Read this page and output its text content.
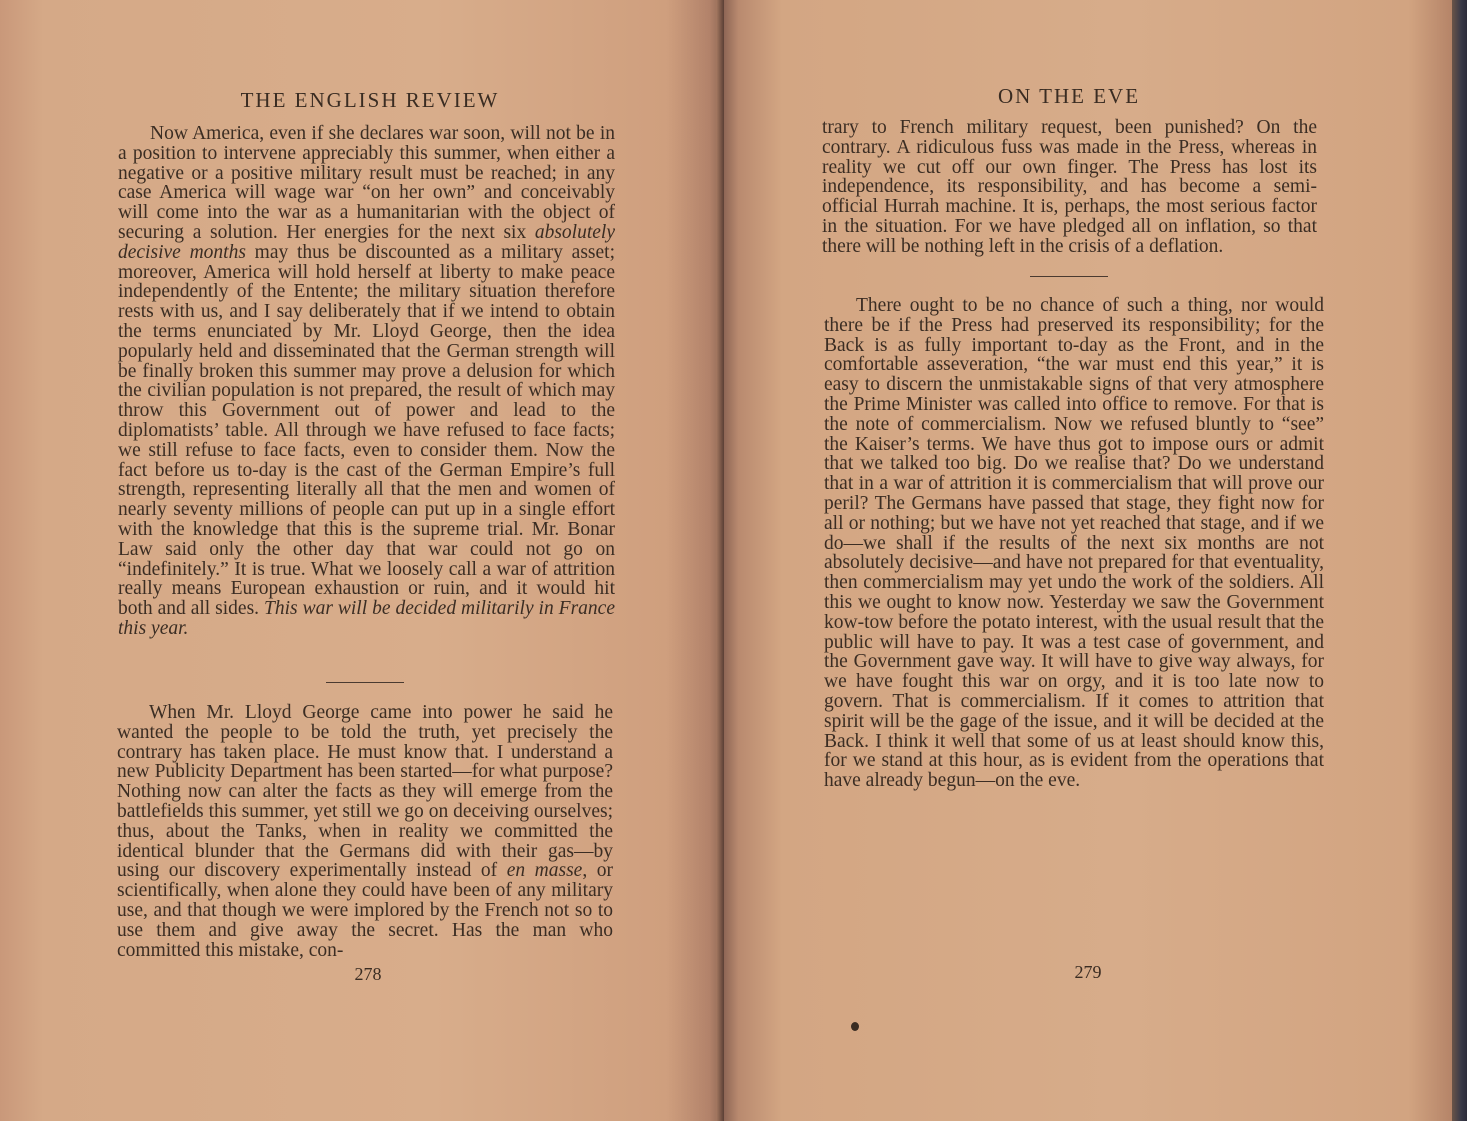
THE ENGLISH REVIEW

Now America, even if she declares war soon, will not be in a position to intervene appreciably this summer, when either a negative or a positive military result must be reached; in any case America will wage war “on her own” and conceivably will come into the war as a humanitarian with the object of securing a solution. Her energies for the next six absolutely decisive months may thus be discounted as a military asset; moreover, America will hold herself at liberty to make peace independently of the Entente; the military situation therefore rests with us, and I say deliberately that if we intend to obtain the terms enunciated by Mr. Lloyd George, then the idea popularly held and disseminated that the German strength will be finally broken this summer may prove a delusion for which the civilian population is not prepared, the result of which may throw this Government out of power and lead to the diplomatists’ table. All through we have refused to face facts; we still refuse to face facts, even to consider them. Now the fact before us to-day is the cast of the German Empire’s full strength, representing literally all that the men and women of nearly seventy millions of people can put up in a single effort with the knowledge that this is the supreme trial. Mr. Bonar Law said only the other day that war could not go on “indefinitely.” It is true. What we loosely call a war of attrition really means European exhaustion or ruin, and it would hit both and all sides. This war will be decided militarily in France this year.

When Mr. Lloyd George came into power he said he wanted the people to be told the truth, yet precisely the contrary has taken place. He must know that. I understand a new Publicity Department has been started—for what purpose? Nothing now can alter the facts as they will emerge from the battlefields this summer, yet still we go on deceiving ourselves; thus, about the Tanks, when in reality we committed the identical blunder that the Germans did with their gas—by using our discovery experimentally instead of en masse, or scientifically, when alone they could have been of any military use, and that though we were implored by the French not so to use them and give away the secret. Has the man who committed this mistake, con-

278
ON THE EVE

trary to French military request, been punished? On the contrary. A ridiculous fuss was made in the Press, whereas in reality we cut off our own finger. The Press has lost its independence, its responsibility, and has become a semi-official Hurrah machine. It is, perhaps, the most serious factor in the situation. For we have pledged all on inflation, so that there will be nothing left in the crisis of a deflation.

There ought to be no chance of such a thing, nor would there be if the Press had preserved its responsibility; for the Back is as fully important to-day as the Front, and in the comfortable asseveration, “the war must end this year,” it is easy to discern the unmistakable signs of that very atmosphere the Prime Minister was called into office to remove. For that is the note of commercialism. Now we refused bluntly to “see” the Kaiser’s terms. We have thus got to impose ours or admit that we talked too big. Do we realise that? Do we understand that in a war of attrition it is commercialism that will prove our peril? The Germans have passed that stage, they fight now for all or nothing; but we have not yet reached that stage, and if we do—we shall if the results of the next six months are not absolutely decisive—and have not prepared for that eventuality, then commercialism may yet undo the work of the soldiers. All this we ought to know now. Yesterday we saw the Government kow-tow before the potato interest, with the usual result that the public will have to pay. It was a test case of government, and the Government gave way. It will have to give way always, for we have fought this war on orgy, and it is too late now to govern. That is commercialism. If it comes to attrition that spirit will be the gage of the issue, and it will be decided at the Back. I think it well that some of us at least should know this, for we stand at this hour, as is evident from the operations that have already begun—on the eve.

279
